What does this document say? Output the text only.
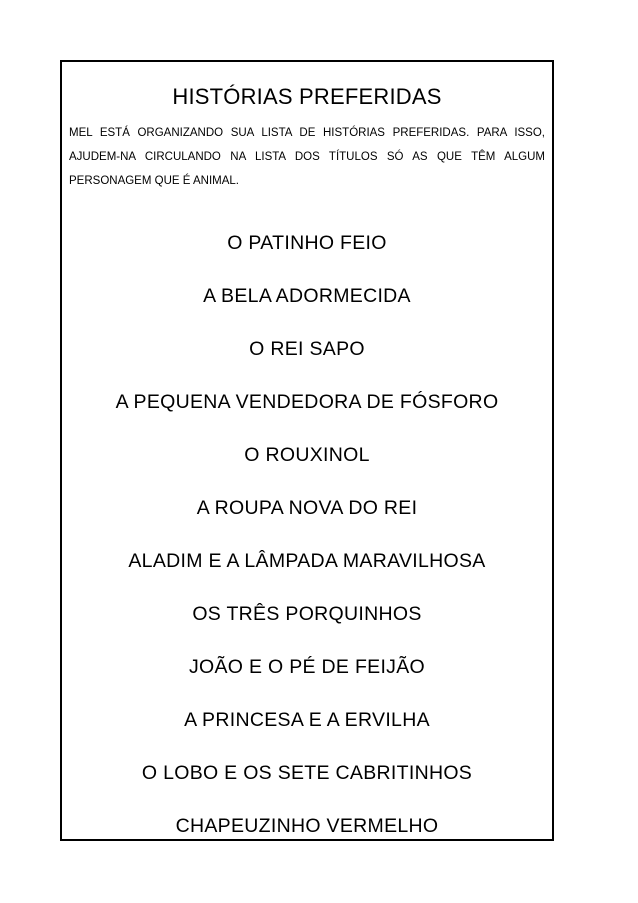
HISTÓRIAS PREFERIDAS

MEL ESTÁ ORGANIZANDO SUA LISTA DE HISTÓRIAS PREFERIDAS. PARA ISSO, AJUDEM-NA CIRCULANDO NA LISTA DOS TÍTULOS SÓ AS QUE TÊM ALGUM PERSONAGEM QUE É ANIMAL.

O PATINHO FEIO
A BELA ADORMECIDA
O REI SAPO
A PEQUENA VENDEDORA DE FÓSFORO
O ROUXINOL
A ROUPA NOVA DO REI
ALADIM E A LÂMPADA MARAVILHOSA
OS TRÊS PORQUINHOS
JOÃO E O PÉ DE FEIJÃO
A PRINCESA E A ERVILHA
O LOBO E OS SETE CABRITINHOS
CHAPEUZINHO VERMELHO
